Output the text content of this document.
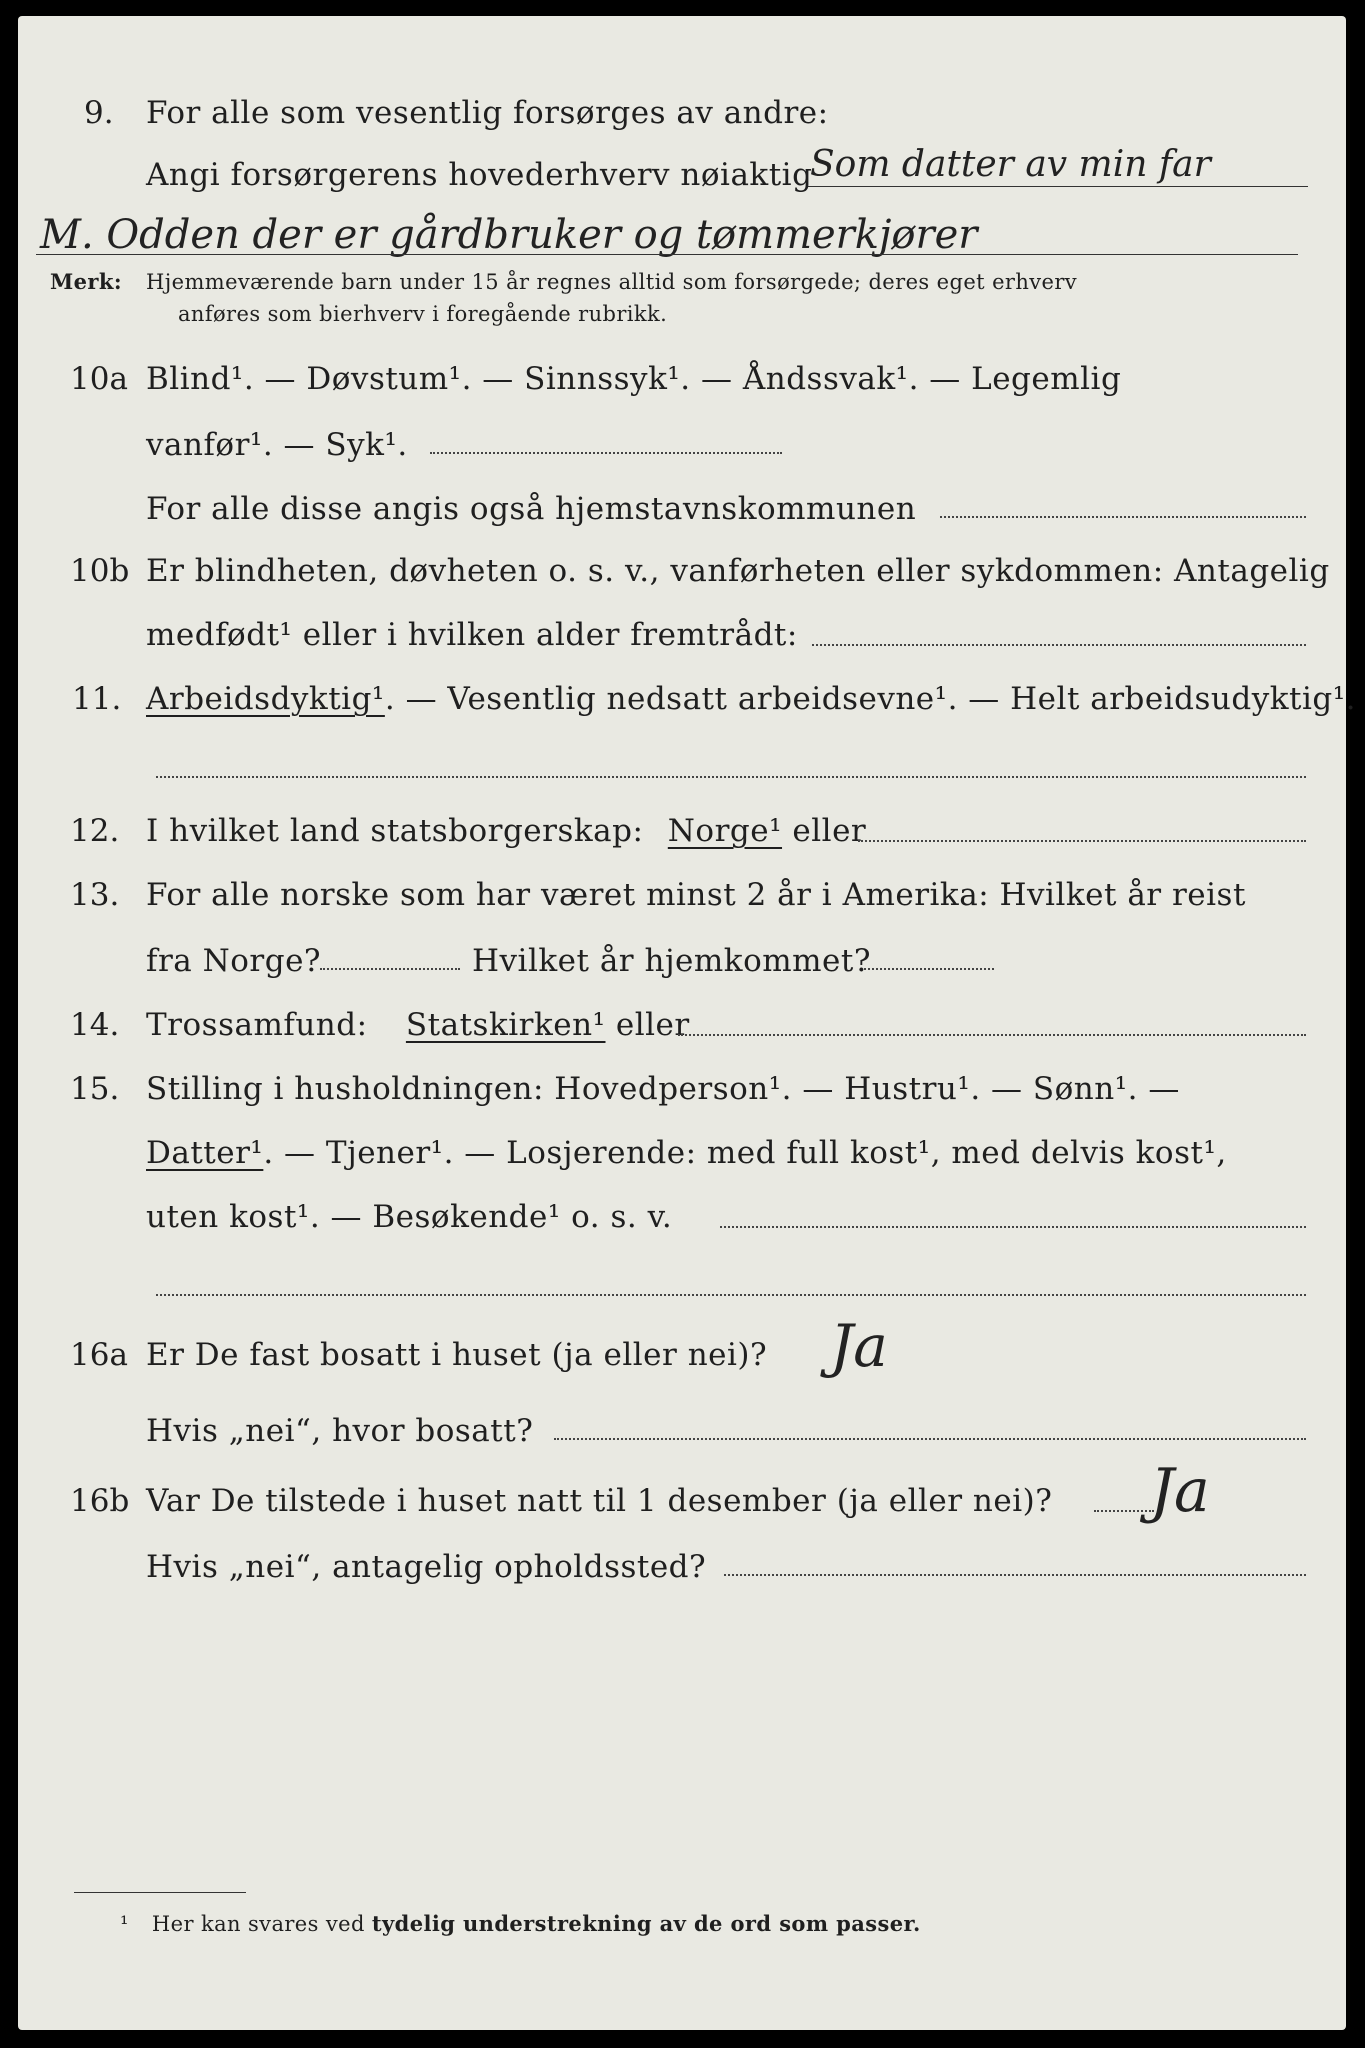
9. For alle som vesentlig forsørges av andre:
Angi forsørgerens hovederhverv nøiaktig
Som datter av min far
M. Odden der er gårdbruker og tømmerkjører
Merk: Hjemmeværende barn under 15 år regnes alltid som forsørgede; deres eget erhverv
anføres som bierhverv i foregående rubrikk.
10a Blind¹. — Døvstum¹. — Sinnssyk¹. — Åndssvak¹. — Legemlig
vanfør¹. — Syk¹.
For alle disse angis også hjemstavnskommunen
10b Er blindheten, døvheten o. s. v., vanførheten eller sykdommen: Antagelig
medfødt¹ eller i hvilken alder fremtrådt:
11. Arbeidsdyktig¹. — Vesentlig nedsatt arbeidsevne¹. — Helt arbeidsudyktig¹.
12. I hvilket land statsborgerskap: Norge¹ eller
13. For alle norske som har været minst 2 år i Amerika: Hvilket år reist
fra Norge?	Hvilket år hjemkommet?
14. Trossamfund: Statskirken¹ eller
15. Stilling i husholdningen: Hovedperson¹. — Hustru¹. — Sønn¹. —
Datter¹. — Tjener¹. — Losjerende: med full kost¹, med delvis kost¹,
uten kost¹. — Besøkende¹ o. s. v.
16a Er De fast bosatt i huset (ja eller nei)? Ja
Hvis „nei“, hvor bosatt?
16b Var De tilstede i huset natt til 1 desember (ja eller nei)? Ja
Hvis „nei“, antagelig opholdssted?
¹ Her kan svares ved tydelig understrekning av de ord som passer.
